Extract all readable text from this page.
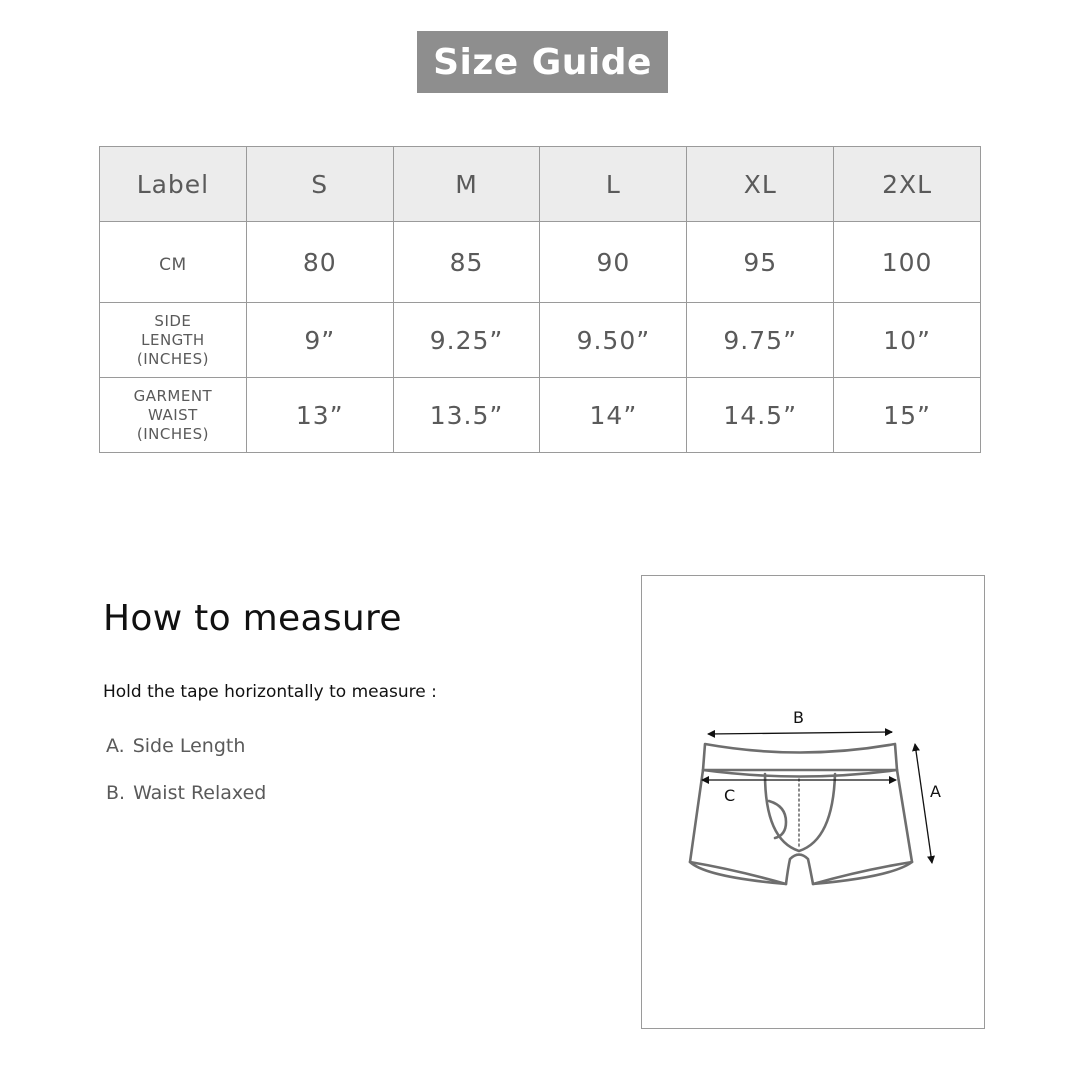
Size Guide
Label	S	M	L	XL	2XL

CM	80	85	90	95	100

SIDE
LENGTH
(INCHES)	9”	9.25”	9.50”	9.75”	10”

GARMENT
WAIST
(INCHES)	13”	13.5”	14”	14.5”	15”
How to measure
Hold the tape horizontally to measure :
A. Side Length
B. Waist Relaxed
B
C	A
